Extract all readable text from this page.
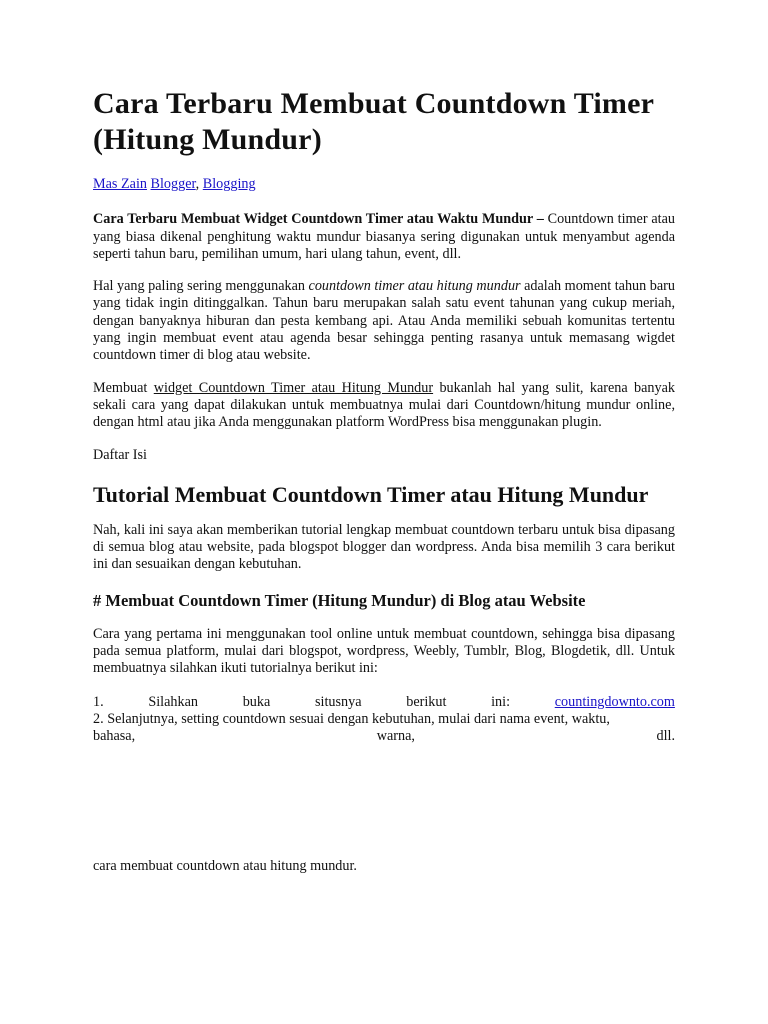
Cara Terbaru Membuat Countdown Timer (Hitung Mundur)

Mas Zain Blogger, Blogging

Cara Terbaru Membuat Widget Countdown Timer atau Waktu Mundur – Countdown timer atau yang biasa dikenal penghitung waktu mundur biasanya sering digunakan untuk menyambut agenda seperti tahun baru, pemilihan umum, hari ulang tahun, event, dll.

Hal yang paling sering menggunakan countdown timer atau hitung mundur adalah moment tahun baru yang tidak ingin ditinggalkan. Tahun baru merupakan salah satu event tahunan yang cukup meriah, dengan banyaknya hiburan dan pesta kembang api. Atau Anda memiliki sebuah komunitas tertentu yang ingin membuat event atau agenda besar sehingga penting rasanya untuk memasang wigdet countdown timer di blog atau website.

Membuat widget Countdown Timer atau Hitung Mundur bukanlah hal yang sulit, karena banyak sekali cara yang dapat dilakukan untuk membuatnya mulai dari Countdown/hitung mundur online, dengan html atau jika Anda menggunakan platform WordPress bisa menggunakan plugin.

Daftar Isi

Tutorial Membuat Countdown Timer atau Hitung Mundur

Nah, kali ini saya akan memberikan tutorial lengkap membuat countdown terbaru untuk bisa dipasang di semua blog atau website, pada blogspot blogger dan wordpress. Anda bisa memilih 3 cara berikut ini dan sesuaikan dengan kebutuhan.

# Membuat Countdown Timer (Hitung Mundur) di Blog atau Website

Cara yang pertama ini menggunakan tool online untuk membuat countdown, sehingga bisa dipasang pada semua platform, mulai dari blogspot, wordpress, Weebly, Tumblr, Blog, Blogdetik, dll. Untuk membuatnya silahkan ikuti tutorialnya berikut ini:

1.	Silahkan	buka	situsnya	berikut	ini:	countingdownto.com
2. Selanjutnya, setting countdown sesuai dengan kebutuhan, mulai dari nama event, waktu,
bahasa,	warna,	dll.

cara membuat countdown atau hitung mundur.
